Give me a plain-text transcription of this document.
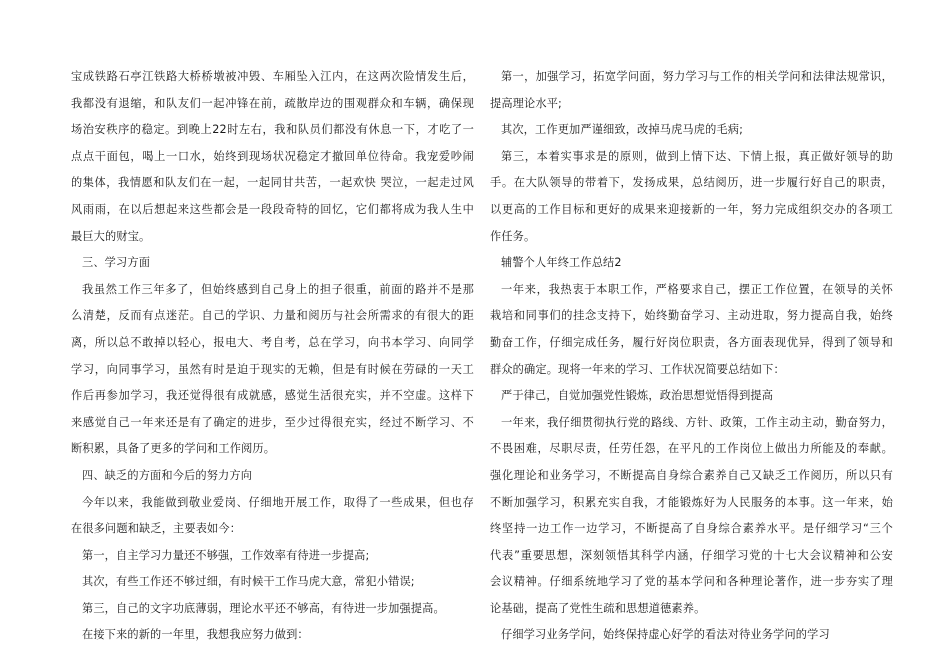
宝成铁路石亭江铁路大桥桥墩被冲毁、车厢坠入江内，在这两次险情发生后，
我都没有退缩，和队友们一起冲锋在前，疏散岸边的围观群众和车辆，确保现
场治安秩序的稳定。到晚上22时左右，我和队员们都没有休息一下，才吃了一
点点干面包，喝上一口水，始终到现场状况稳定才撤回单位待命。我宠爱吵闹
的集体，我情愿和队友们在一起，一起同甘共苦，一起欢快 哭泣，一起走过风
风雨雨，在以后想起来这些都会是一段段奇特的回忆，它们都将成为我人生中
最巨大的财宝。
三、学习方面
我虽然工作三年多了，但始终感到自己身上的担子很重，前面的路并不是那
么清楚，反而有点迷茫。自己的学识、力量和阅历与社会所需求的有很大的距
离，所以总不敢掉以轻心，报电大、考自考，总在学习，向书本学习、向同学
学习，向同事学习，虽然有时是迫于现实的无赖，但是有时候在劳碌的一天工
作后再参加学习，我还觉得很有成就感，感觉生活很充实，并不空虚。这样下
来感觉自己一年来还是有了确定的进步，至少过得很充实，经过不断学习、不
断积累，具备了更多的学问和工作阅历。
四、缺乏的方面和今后的努力方向
今年以来，我能做到敬业爱岗、仔细地开展工作，取得了一些成果，但也存
在很多问题和缺乏，主要表如今：
第一，自主学习力量还不够强，工作效率有待进一步提高;
其次，有些工作还不够过细，有时候干工作马虎大意，常犯小错误;
第三，自己的文字功底薄弱，理论水平还不够高，有待进一步加强提高。
在接下来的新的一年里，我想我应努力做到：
第一，加强学习，拓宽学问面，努力学习与工作的相关学问和法律法规常识，
提高理论水平;
其次，工作更加严谨细致，改掉马虎马虎的毛病;
第三，本着实事求是的原则，做到上情下达、下情上报，真正做好领导的助
手。在大队领导的带着下，发扬成果，总结阅历，进一步履行好自己的职责，
以更高的工作目标和更好的成果来迎接新的一年，努力完成组织交办的各项工
作任务。
辅警个人年终工作总结2
一年来，我热衷于本职工作，严格要求自己，摆正工作位置，在领导的关怀
栽培和同事们的挂念支持下，始终勤奋学习、主动进取，努力提高自我，始终
勤奋工作，仔细完成任务，履行好岗位职责，各方面表现优异，得到了领导和
群众的确定。现将一年来的学习、工作状况简要总结如下：
严于律己，自觉加强党性锻炼，政治思想觉悟得到提高
一年来，我仔细贯彻执行党的路线、方针、政策，工作主动主动，勤奋努力，
不畏困难，尽职尽责，任劳任怨，在平凡的工作岗位上做出力所能及的奉献。
强化理论和业务学习，不断提高自身综合素养自己又缺乏工作阅历，所以只有
不断加强学习，积累充实自我，才能锻炼好为人民服务的本事。这一年来，始
终坚持一边工作一边学习，不断提高了自身综合素养水平。是仔细学习“三个
代表”重要思想，深刻领悟其科学内涵，仔细学习党的十七大会议精神和公安
会议精神。仔细系统地学习了党的基本学问和各种理论著作，进一步夯实了理
论基础，提高了党性生疏和思想道德素养。
仔细学习业务学问，始终保持虚心好学的看法对待业务学问的学习
